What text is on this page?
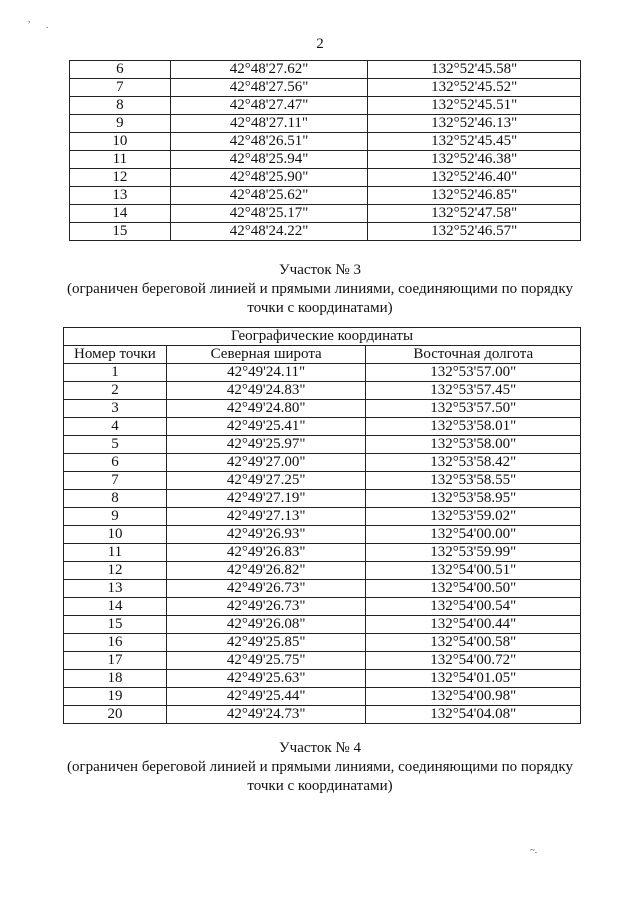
,
.
2
6	42°48'27.62"	132°52'45.58"
7	42°48'27.56"	132°52'45.52"
8	42°48'27.47"	132°52'45.51"
9	42°48'27.11"	132°52'46.13"
10	42°48'26.51"	132°52'45.45"
11	42°48'25.94"	132°52'46.38"
12	42°48'25.90"	132°52'46.40"
13	42°48'25.62"	132°52'46.85"
14	42°48'25.17"	132°52'47.58"
15	42°48'24.22"	132°52'46.57"
Участок № 3
(ограничен береговой линией и прямыми линиями, соединяющими по порядку
точки с координатами)
Географические координаты		
Номер точки	Северная широта	Восточная долгота
1	42°49'24.11"	132°53'57.00"
2	42°49'24.83"	132°53'57.45"
3	42°49'24.80"	132°53'57.50"
4	42°49'25.41"	132°53'58.01"
5	42°49'25.97"	132°53'58.00"
6	42°49'27.00"	132°53'58.42"
7	42°49'27.25"	132°53'58.55"
8	42°49'27.19"	132°53'58.95"
9	42°49'27.13"	132°53'59.02"
10	42°49'26.93"	132°54'00.00"
11	42°49'26.83"	132°53'59.99"
12	42°49'26.82"	132°54'00.51"
13	42°49'26.73"	132°54'00.50"
14	42°49'26.73"	132°54'00.54"
15	42°49'26.08"	132°54'00.44"
16	42°49'25.85"	132°54'00.58"
17	42°49'25.75"	132°54'00.72"
18	42°49'25.63"	132°54'01.05"
19	42°49'25.44"	132°54'00.98"
20	42°49'24.73"	132°54'04.08"
Участок № 4
(ограничен береговой линией и прямыми линиями, соединяющими по порядку
точки с координатами)
~.
